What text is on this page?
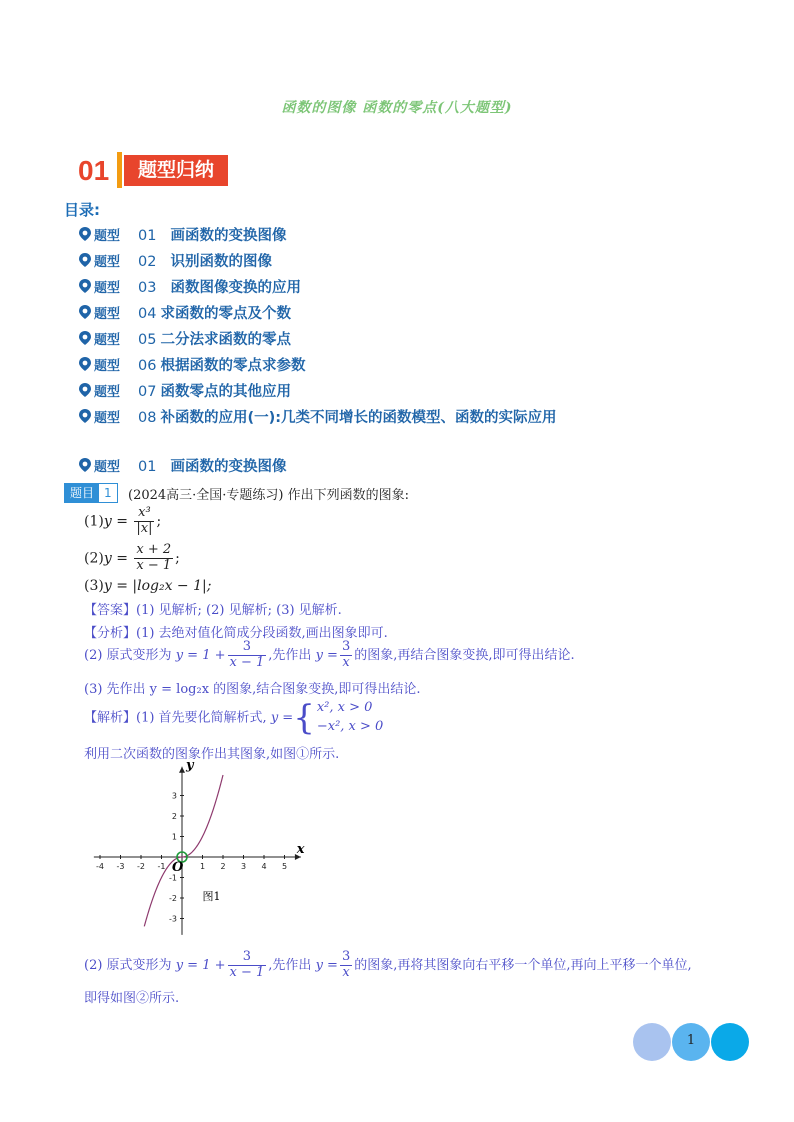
函数的图像 函数的零点(八大题型)
01	题型归纳
目录:
题型 01 画函数的变换图像
题型 02 识别函数的图像
题型 03 函数图像变换的应用
题型 04 求函数的零点及个数
题型 05 二分法求函数的零点
题型 06 根据函数的零点求参数
题型 07 函数零点的其他应用
题型 08 补函数的应用(一):几类不同增长的函数模型、函数的实际应用
题型 01 画函数的变换图像
题目 1	(2024高三·全国·专题练习) 作出下列函数的图象:
$(1)y = \frac{\text{x³}}{|x|}$ ;
$(2)y = \frac{x + 2}{x - 1}$ ;
(3)y = |log₂x − 1|;
【答案】(1) 见解析; (2) 见解析; (3) 见解析.
【分析】(1) 去绝对值化简成分段函数,画出图象即可.
(2) 原式变形为 $y = 1 + \frac{3}{x - 1}$ ,先作出 $y = \frac{3}{x}$ 的图象,再结合图象变换,即可得出结论.
(3) 先作出 y = log₂x 的图象,结合图象变换,即可得出结论.
【解析】(1) 首先要化简解析式, y ={ x², x > 0
−x², x > 0
利用二次函数的图象作出其图象,如图①所示.
-4 -3 -2 -1	1 2 3 4 5
3
2
1
-1
-2
-3
x
y
O
图1
(2) 原式变形为 $y = 1 + \frac{3}{x - 1}$ ,先作出 $y = \frac{3}{x}$ 的图象,再将其图象向右平移一个单位,再向上平移一个单位,
即得如图②所示.
1
